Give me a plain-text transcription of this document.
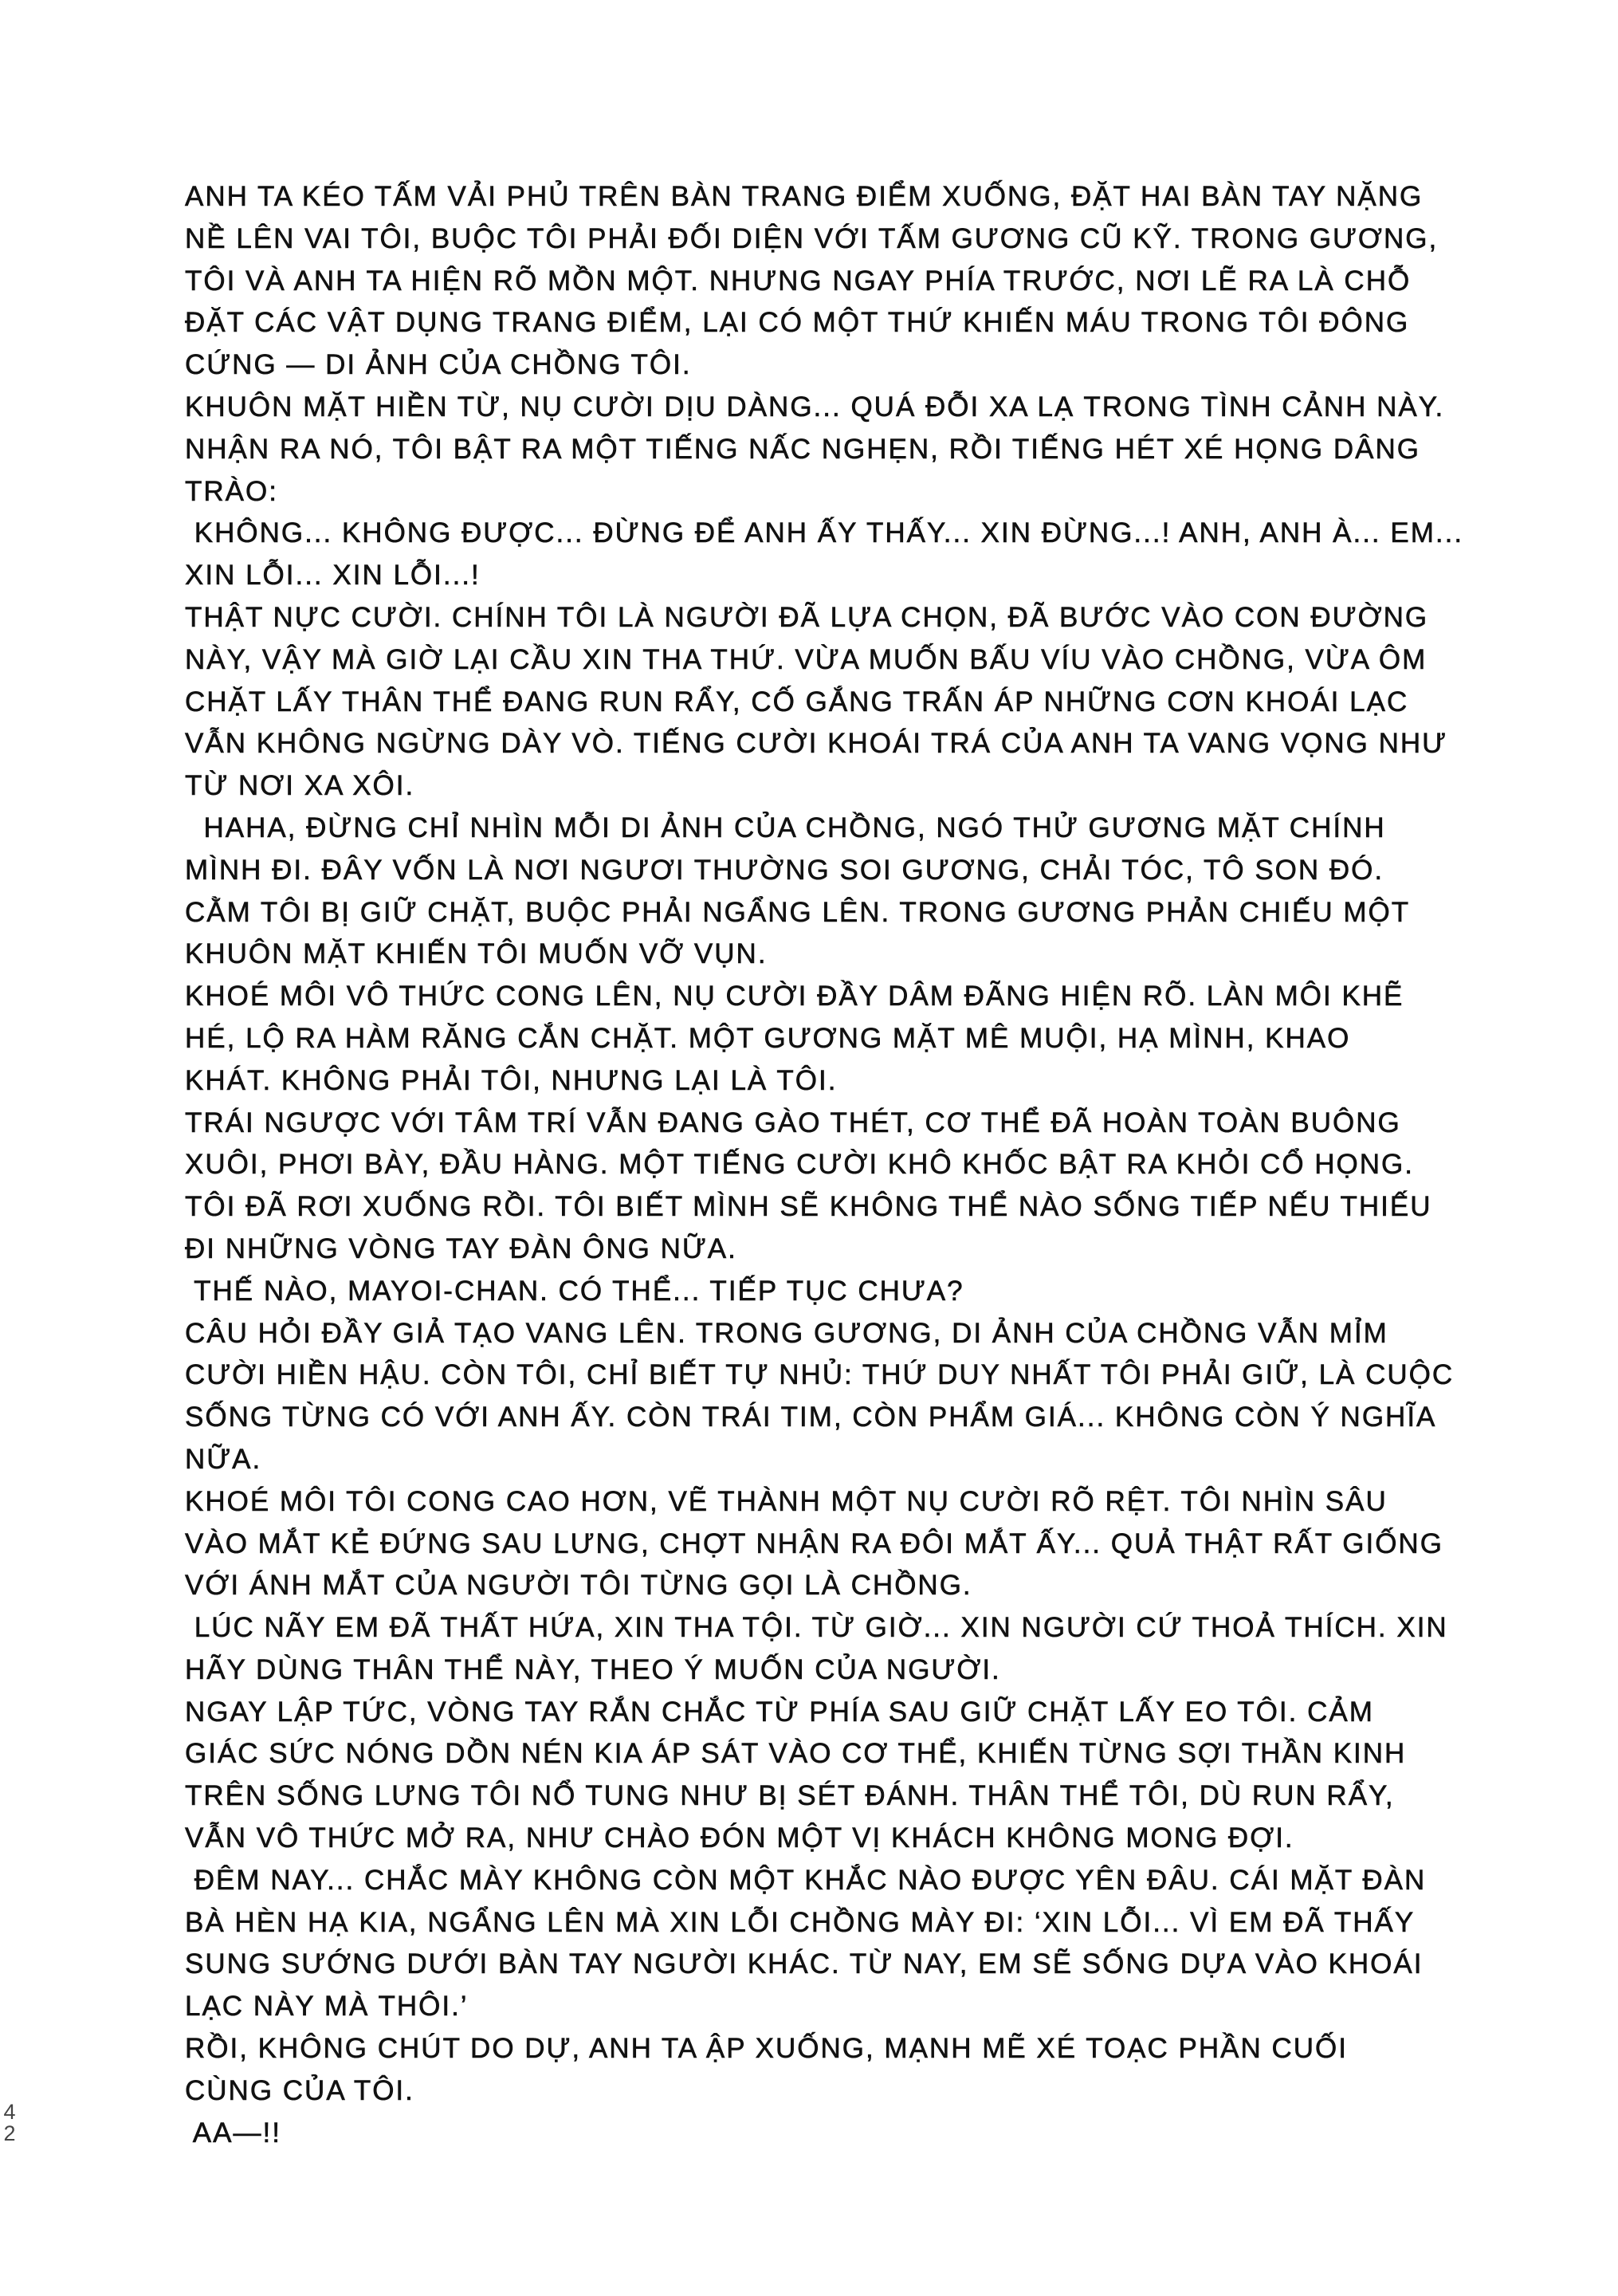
ANH TA KÉO TẤM VẢI PHỦ TRÊN BÀN TRANG ĐIỂM XUỐNG, ĐẶT HAI BÀN TAY NẶNG
NỀ LÊN VAI TÔI, BUỘC TÔI PHẢI ĐỐI DIỆN VỚI TẤM GƯƠNG CŨ KỸ. TRONG GƯƠNG,
TÔI VÀ ANH TA HIỆN RÕ MỒN MỘT. NHƯNG NGAY PHÍA TRƯỚC, NƠI LẼ RA LÀ CHỖ
ĐẶT CÁC VẬT DỤNG TRANG ĐIỂM, LẠI CÓ MỘT THỨ KHIẾN MÁU TRONG TÔI ĐÔNG
CỨNG — DI ẢNH CỦA CHỒNG TÔI.
KHUÔN MẶT HIỀN TỪ, NỤ CƯỜI DỊU DÀNG... QUÁ ĐỖI XA LẠ TRONG TÌNH CẢNH NÀY.
NHẬN RA NÓ, TÔI BẬT RA MỘT TIẾNG NẤC NGHẸN, RỒI TIẾNG HÉT XÉ HỌNG DÂNG
TRÀO:
KHÔNG... KHÔNG ĐƯỢC... ĐỪNG ĐỂ ANH ẤY THẤY... XIN ĐỪNG...! ANH, ANH À... EM...
XIN LỖI... XIN LỖI...!
THẬT NỰC CƯỜI. CHÍNH TÔI LÀ NGƯỜI ĐÃ LỰA CHỌN, ĐÃ BƯỚC VÀO CON ĐƯỜNG
NÀY, VẬY MÀ GIỜ LẠI CẦU XIN THA THỨ. VỪA MUỐN BẤU VÍU VÀO CHỒNG, VỪA ÔM
CHẶT LẤY THÂN THỂ ĐANG RUN RẨY, CỐ GẮNG TRẤN ÁP NHỮNG CƠN KHOÁI LẠC
VẪN KHÔNG NGỪNG DÀY VÒ. TIẾNG CƯỜI KHOÁI TRÁ CỦA ANH TA VANG VỌNG NHƯ
TỪ NƠI XA XÔI.
HAHA, ĐỪNG CHỈ NHÌN MỖI DI ẢNH CỦA CHỒNG, NGÓ THỬ GƯƠNG MẶT CHÍNH
MÌNH ĐI. ĐÂY VỐN LÀ NƠI NGƯƠI THƯỜNG SOI GƯƠNG, CHẢI TÓC, TÔ SON ĐÓ.
CẰM TÔI BỊ GIỮ CHẶT, BUỘC PHẢI NGẨNG LÊN. TRONG GƯƠNG PHẢN CHIẾU MỘT
KHUÔN MẶT KHIẾN TÔI MUỐN VỠ VỤN.
KHOÉ MÔI VÔ THỨC CONG LÊN, NỤ CƯỜI ĐẦY DÂM ĐÃNG HIỆN RÕ. LÀN MÔI KHẼ
HÉ, LỘ RA HÀM RĂNG CẮN CHẶT. MỘT GƯƠNG MẶT MÊ MUỘI, HẠ MÌNH, KHAO
KHÁT. KHÔNG PHẢI TÔI, NHƯNG LẠI LÀ TÔI.
TRÁI NGƯỢC VỚI TÂM TRÍ VẪN ĐANG GÀO THÉT, CƠ THỂ ĐÃ HOÀN TOÀN BUÔNG
XUÔI, PHƠI BÀY, ĐẦU HÀNG. MỘT TIẾNG CƯỜI KHÔ KHỐC BẬT RA KHỎI CỔ HỌNG.
TÔI ĐÃ RƠI XUỐNG RỒI. TÔI BIẾT MÌNH SẼ KHÔNG THỂ NÀO SỐNG TIẾP NẾU THIẾU
ĐI NHỮNG VÒNG TAY ĐÀN ÔNG NỮA.
THẾ NÀO, MAYOI-CHAN. CÓ THỂ... TIẾP TỤC CHƯA?
CÂU HỎI ĐẦY GIẢ TẠO VANG LÊN. TRONG GƯƠNG, DI ẢNH CỦA CHỒNG VẪN MỈM
CƯỜI HIỀN HẬU. CÒN TÔI, CHỈ BIẾT TỰ NHỦ: THỨ DUY NHẤT TÔI PHẢI GIỮ, LÀ CUỘC
SỐNG TỪNG CÓ VỚI ANH ẤY. CÒN TRÁI TIM, CÒN PHẨM GIÁ... KHÔNG CÒN Ý NGHĨA
NỮA.
KHOÉ MÔI TÔI CONG CAO HƠN, VẼ THÀNH MỘT NỤ CƯỜI RÕ RỆT. TÔI NHÌN SÂU
VÀO MẮT KẺ ĐỨNG SAU LƯNG, CHỢT NHẬN RA ĐÔI MẮT ẤY... QUẢ THẬT RẤT GIỐNG
VỚI ÁNH MẮT CỦA NGƯỜI TÔI TỪNG GỌI LÀ CHỒNG.
LÚC NÃY EM ĐÃ THẤT HỨA, XIN THA TỘI. TỪ GIỜ... XIN NGƯỜI CỨ THOẢ THÍCH. XIN
HÃY DÙNG THÂN THỂ NÀY, THEO Ý MUỐN CỦA NGƯỜI.
NGAY LẬP TỨC, VÒNG TAY RẮN CHẮC TỪ PHÍA SAU GIỮ CHẶT LẤY EO TÔI. CẢM
GIÁC SỨC NÓNG DỒN NÉN KIA ÁP SÁT VÀO CƠ THỂ, KHIẾN TỪNG SỢI THẦN KINH
TRÊN SỐNG LƯNG TÔI NỔ TUNG NHƯ BỊ SÉT ĐÁNH. THÂN THỂ TÔI, DÙ RUN RẨY,
VẪN VÔ THỨC MỞ RA, NHƯ CHÀO ĐÓN MỘT VỊ KHÁCH KHÔNG MONG ĐỢI.
ĐÊM NAY... CHẮC MÀY KHÔNG CÒN MỘT KHẮC NÀO ĐƯỢC YÊN ĐÂU. CÁI MẶT ĐÀN
BÀ HÈN HẠ KIA, NGẨNG LÊN MÀ XIN LỖI CHỒNG MÀY ĐI: ‘XIN LỖI... VÌ EM ĐÃ THẤY
SUNG SƯỚNG DƯỚI BÀN TAY NGƯỜI KHÁC. TỪ NAY, EM SẼ SỐNG DỰA VÀO KHOÁI
LẠC NÀY MÀ THÔI.’
RỒI, KHÔNG CHÚT DO DỰ, ANH TA ẬP XUỐNG, MẠNH MẼ XÉ TOẠC PHẦN CUỐI
CÙNG CỦA TÔI.
AA—!!
4
2
